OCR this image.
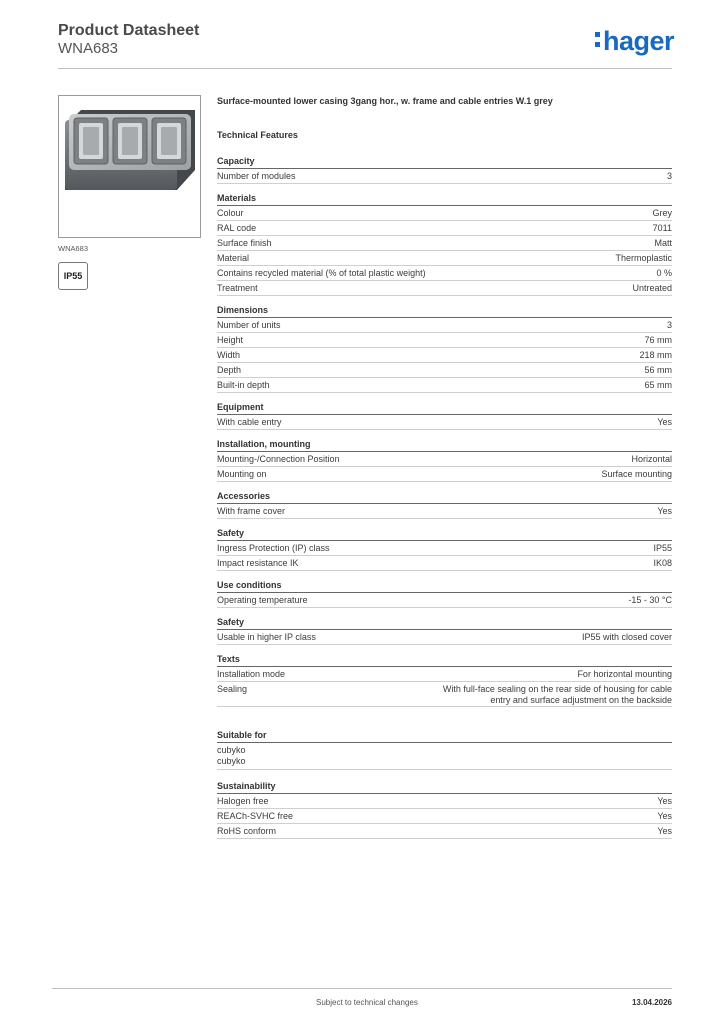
Product Datasheet
WNA683	hager
WNA683
IP55
Surface-mounted lower casing 3gang hor., w. frame and cable entries W.1 grey
Technical Features
Capacity
Number of modules	3
Materials
Colour	Grey
RAL code	7011
Surface finish	Matt
Material	Thermoplastic
Contains recycled material (% of total plastic weight)	0 %
Treatment	Untreated
Dimensions
Number of units	3
Height	76 mm
Width	218 mm
Depth	56 mm
Built-in depth	65 mm
Equipment
With cable entry	Yes
Installation, mounting
Mounting-/Connection Position	Horizontal
Mounting on	Surface mounting
Accessories
With frame cover	Yes
Safety
Ingress Protection (IP) class	IP55
Impact resistance IK	IK08
Use conditions
Operating temperature	-15 - 30 °C
Safety
Usable in higher IP class	IP55 with closed cover
Texts
Installation mode	For horizontal mounting
Sealing	With full-face sealing on the rear side of housing for cable entry and surface adjustment on the backside
Suitable for
cubyko
cubyko
Sustainability
Halogen free	Yes
REACh-SVHC free	Yes
RoHS conform	Yes
Subject to technical changes	13.04.2026
